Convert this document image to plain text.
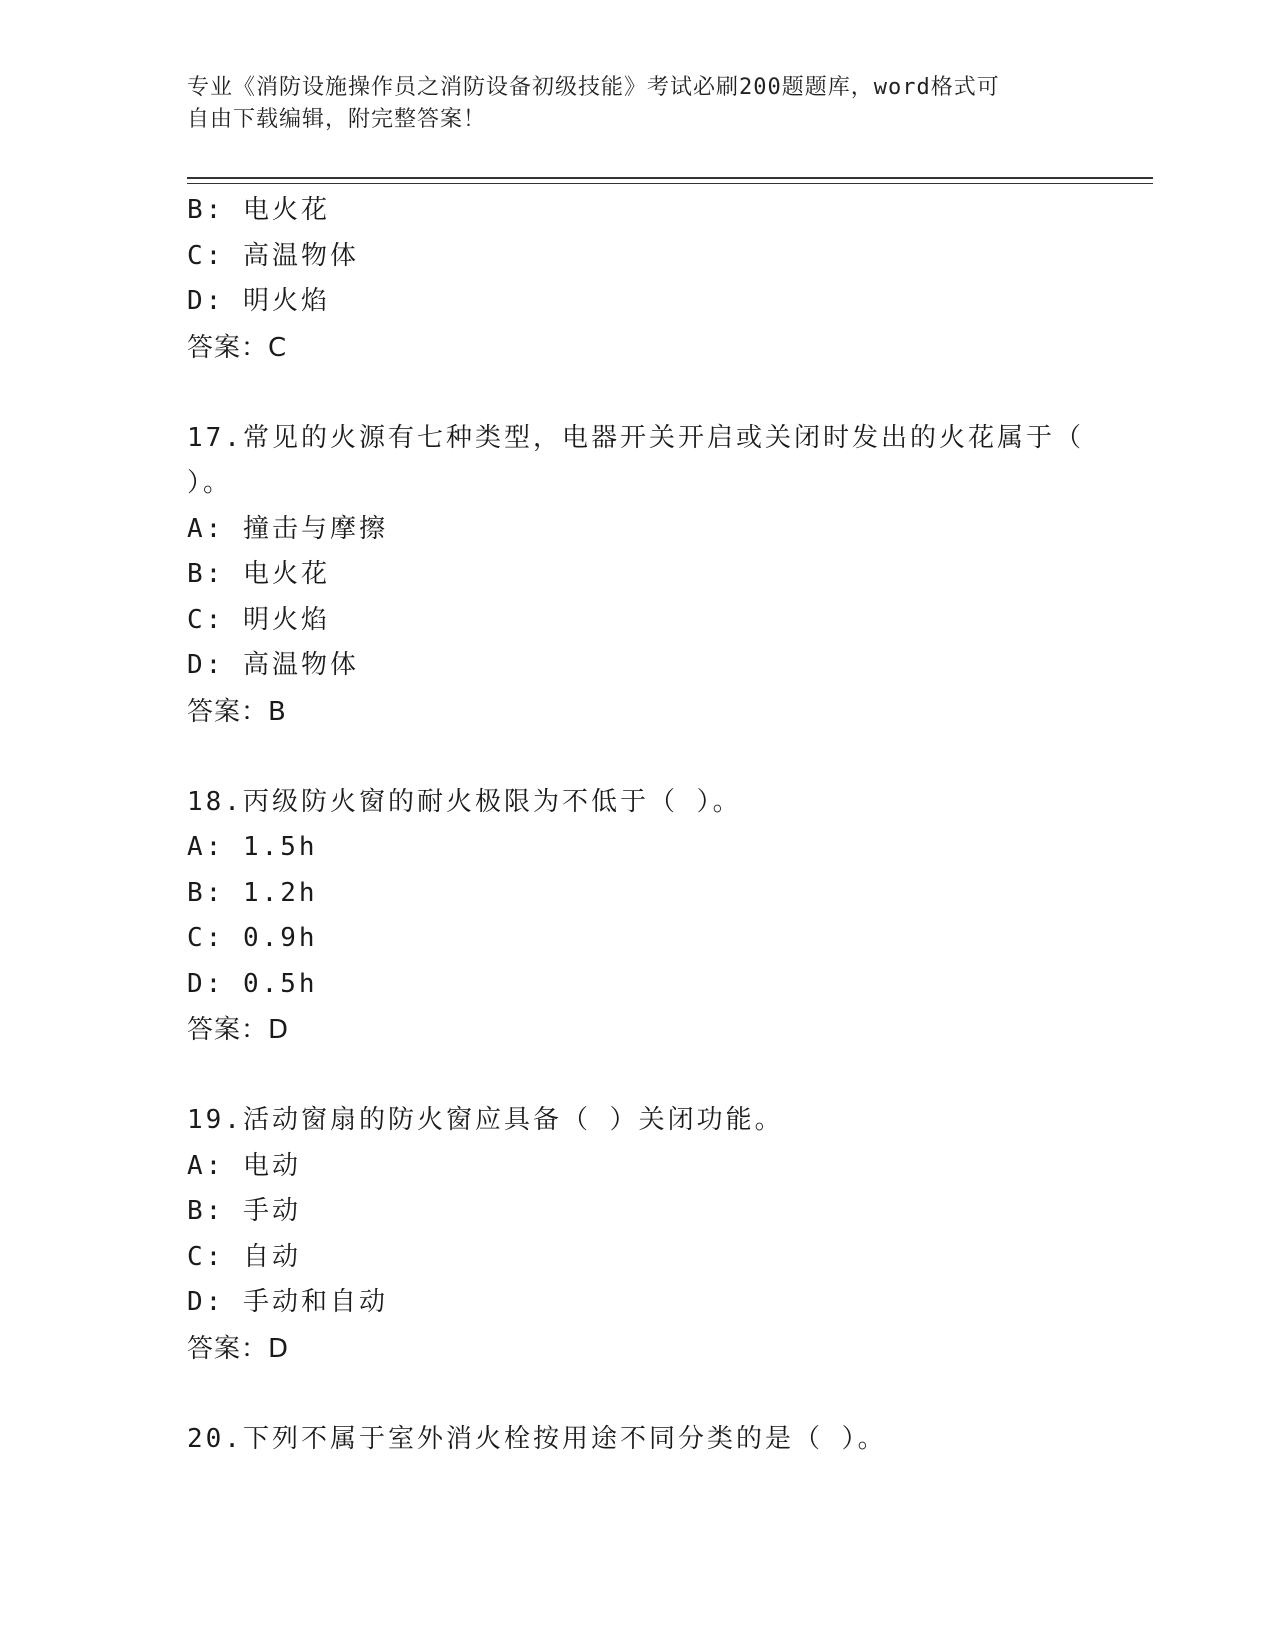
专业《消防设施操作员之消防设备初级技能》考试必刷200题题库，word格式可
自由下载编辑，附完整答案！
B: 电火花
C: 高温物体
D: 明火焰
答案：C
17.常见的火源有七种类型，电器开关开启或关闭时发出的火花属于（
）。
A: 撞击与摩擦
B: 电火花
C: 明火焰
D: 高温物体
答案：B
18.丙级防火窗的耐火极限为不低于（ ）。
A: 1.5h
B: 1.2h
C: 0.9h
D: 0.5h
答案：D
19.活动窗扇的防火窗应具备（ ）关闭功能。
A: 电动
B: 手动
C: 自动
D: 手动和自动
答案：D
20.下列不属于室外消火栓按用途不同分类的是（ ）。
